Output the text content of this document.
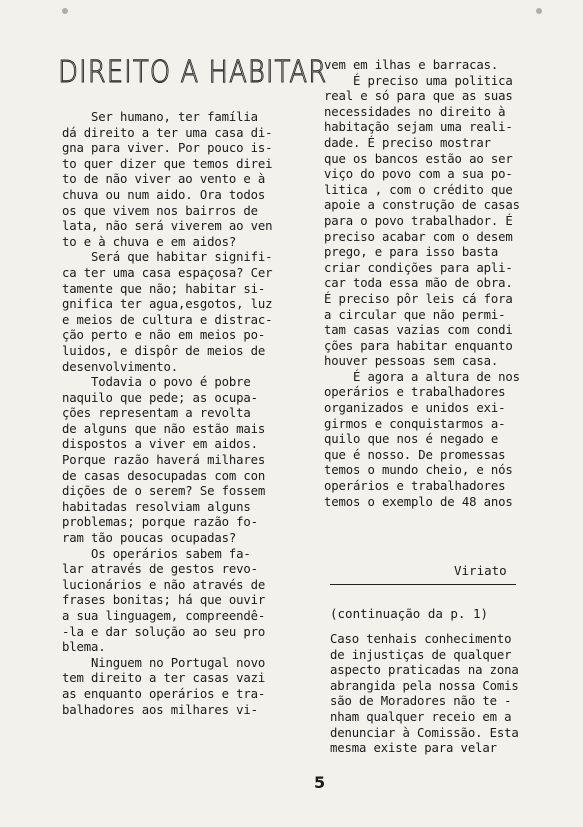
DIREITO A HABITAR
Ser humano, ter família
dá direito a ter uma casa di-
gna para viver. Por pouco is-
to quer dizer que temos direi
to de não viver ao vento e à
chuva ou num aido. Ora todos
os que vivem nos bairros de
lata, não será viverem ao ven
to e à chuva e em aidos?
Será que habitar signifi-
ca ter uma casa espaçosa? Cer
tamente que não; habitar si-
gnifica ter agua,esgotos, luz
e meios de cultura e distrac-
ção perto e não em meios po-
luidos, e dispôr de meios de
desenvolvimento.
Todavia o povo é pobre
naquilo que pede; as ocupa-
ções representam a revolta
de alguns que não estão mais
dispostos a viver em aidos.
Porque razão haverá milhares
de casas desocupadas com con
dições de o serem? Se fossem
habitadas resolviam alguns
problemas; porque razão fo-
ram tão poucas ocupadas?
Os operários sabem fa-
lar através de gestos revo-
lucionários e não através de
frases bonitas; há que ouvir
a sua linguagem, compreendê-
-la e dar solução ao seu pro
blema.
Ninguem no Portugal novo
tem direito a ter casas vazi
as enquanto operários e tra-
balhadores aos milhares vi-
vem em ilhas e barracas.
É preciso uma politica
real e só para que as suas
necessidades no direito à
habitação sejam uma reali-
dade. É preciso mostrar
que os bancos estão ao ser
viço do povo com a sua po-
litica , com o crédito que
apoie a construção de casas
para o povo trabalhador. É
preciso acabar com o desem
prego, e para isso basta
criar condições para apli-
car toda essa mão de obra.
É preciso pôr leis cá fora
a circular que não permi-
tam casas vazias com condi
ções para habitar enquanto
houver pessoas sem casa.
É agora a altura de nos
operários e trabalhadores
organizados e unidos exi-
girmos e conquistarmos a-
quilo que nos é negado e
que é nosso. De promessas
temos o mundo cheio, e nós
operários e trabalhadores
temos o exemplo de 48 anos
Viriato
(continuação da p. 1)
Caso tenhais conhecimento
de injustiças de qualquer
aspecto praticadas na zona
abrangida pela nossa Comis
são de Moradores não te -
nham qualquer receio em a
denunciar à Comissão. Esta
mesma existe para velar
5
